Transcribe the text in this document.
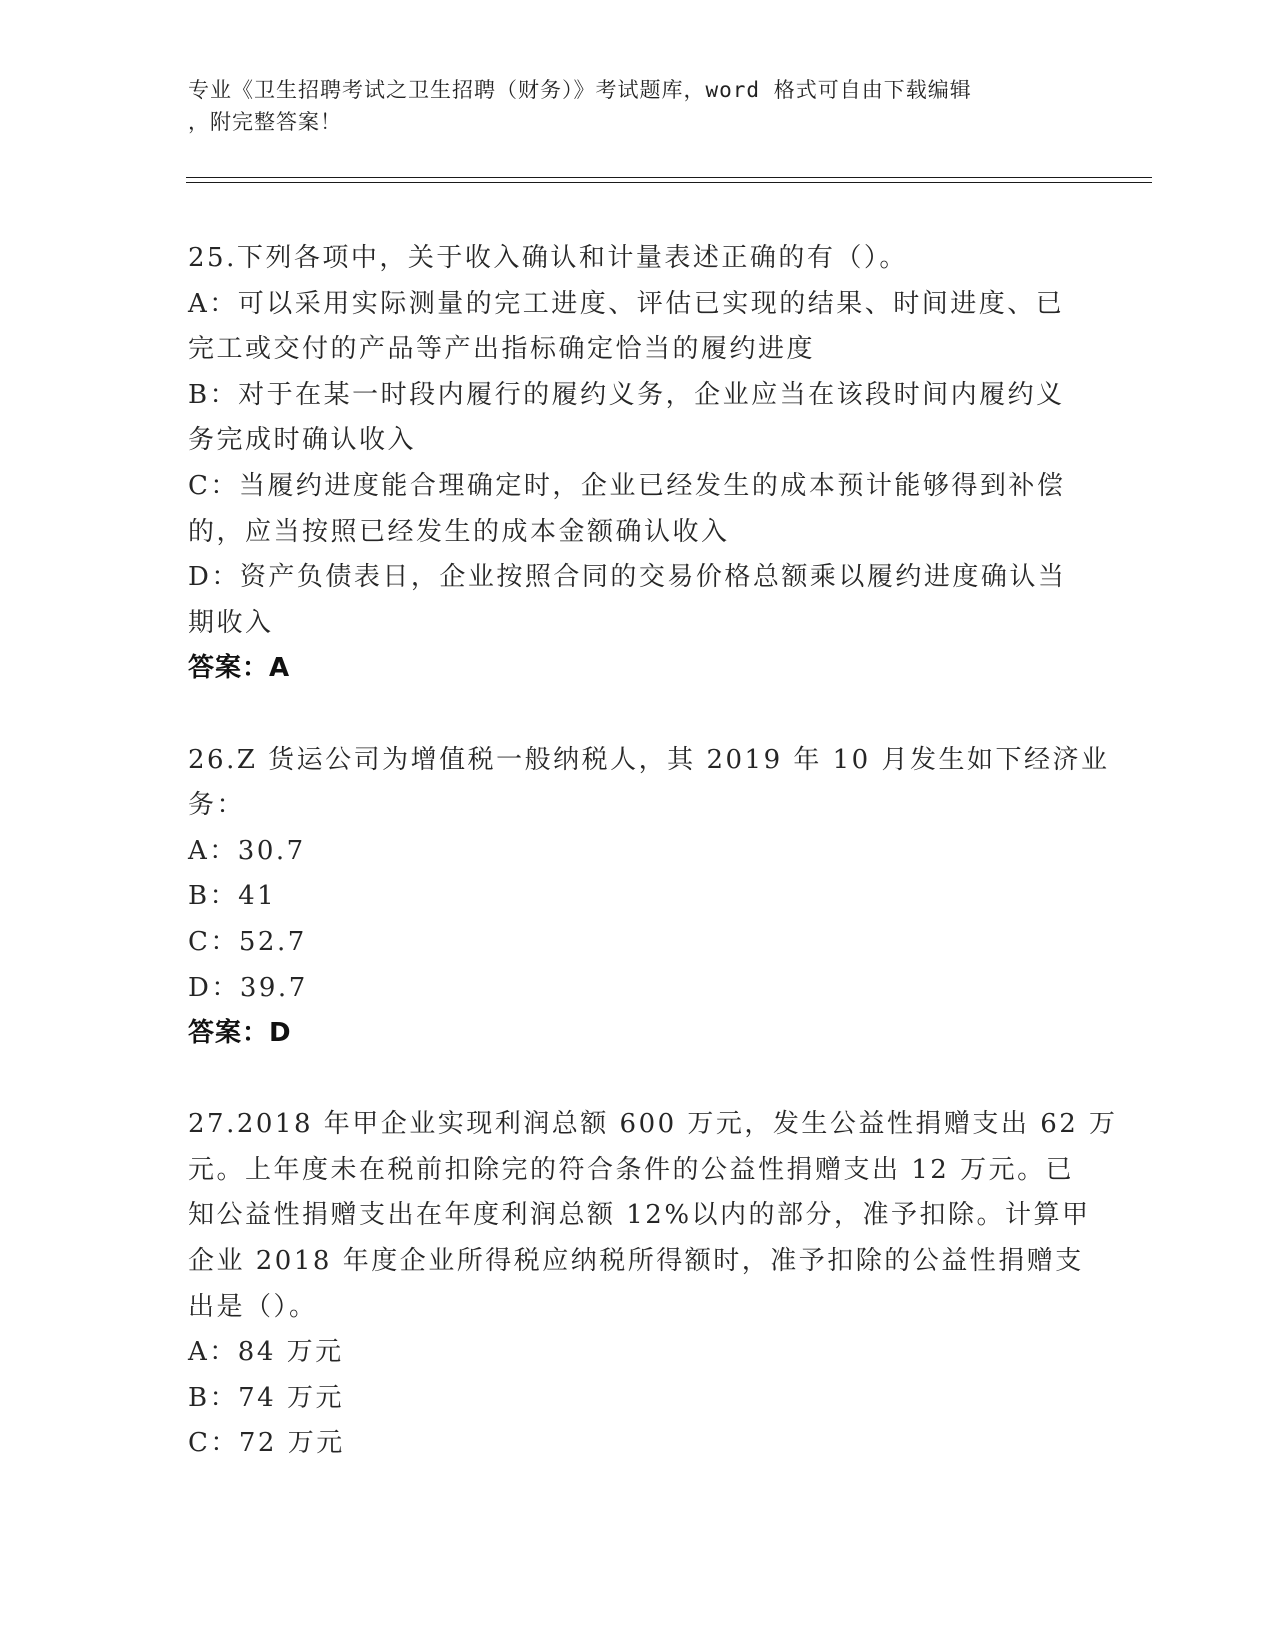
专业《卫生招聘考试之卫生招聘（财务）》考试题库，word 格式可自由下载编辑
，附完整答案！
25.下列各项中，关于收入确认和计量表述正确的有（）。
A：可以采用实际测量的完工进度、评估已实现的结果、时间进度、已
完工或交付的产品等产出指标确定恰当的履约进度
B：对于在某一时段内履行的履约义务，企业应当在该段时间内履约义
务完成时确认收入
C：当履约进度能合理确定时，企业已经发生的成本预计能够得到补偿
的，应当按照已经发生的成本金额确认收入
D：资产负债表日，企业按照合同的交易价格总额乘以履约进度确认当
期收入
答案：A
26.Z 货运公司为增值税一般纳税人，其 2019 年 10 月发生如下经济业
务：
A：30.7
B：41
C：52.7
D：39.7
答案：D
27.2018 年甲企业实现利润总额 600 万元，发生公益性捐赠支出 62 万
元。上年度未在税前扣除完的符合条件的公益性捐赠支出 12 万元。已
知公益性捐赠支出在年度利润总额 12%以内的部分，准予扣除。计算甲
企业 2018 年度企业所得税应纳税所得额时，准予扣除的公益性捐赠支
出是（）。
A：84 万元
B：74 万元
C：72 万元
